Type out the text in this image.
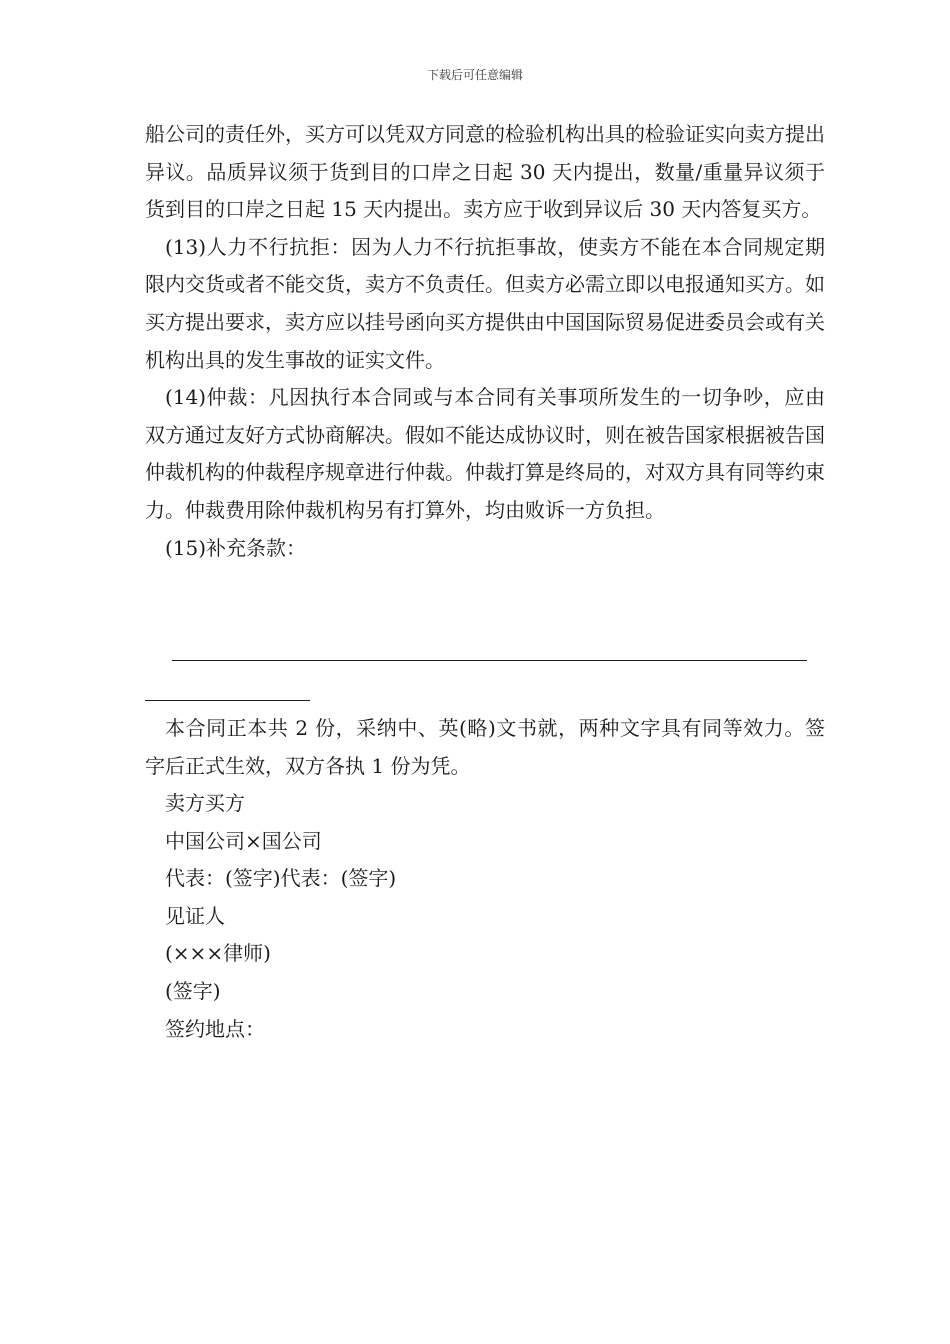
下载后可任意编辑

船公司的责任外，买方可以凭双方同意的检验机构出具的检验证实向卖方提出异议。品质异议须于货到目的口岸之日起 30 天内提出，数量/重量异议须于货到目的口岸之日起 15 天内提出。卖方应于收到异议后 30 天内答复买方。

(13)人力不行抗拒：因为人力不行抗拒事故，使卖方不能在本合同规定期限内交货或者不能交货，卖方不负责任。但卖方必需立即以电报通知买方。如买方提出要求，卖方应以挂号函向买方提供由中国国际贸易促进委员会或有关机构出具的发生事故的证实文件。

(14)仲裁：凡因执行本合同或与本合同有关事项所发生的一切争吵，应由双方通过友好方式协商解决。假如不能达成协议时，则在被告国家根据被告国仲裁机构的仲裁程序规章进行仲裁。仲裁打算是终局的，对双方具有同等约束力。仲裁费用除仲裁机构另有打算外，均由败诉一方负担。

(15)补充条款：

本合同正本共 2 份，采纳中、英(略)文书就，两种文字具有同等效力。签字后正式生效，双方各执 1 份为凭。

卖方买方
中国公司×国公司
代表：(签字)代表：(签字)
见证人
(×××律师)
(签字)
签约地点：
